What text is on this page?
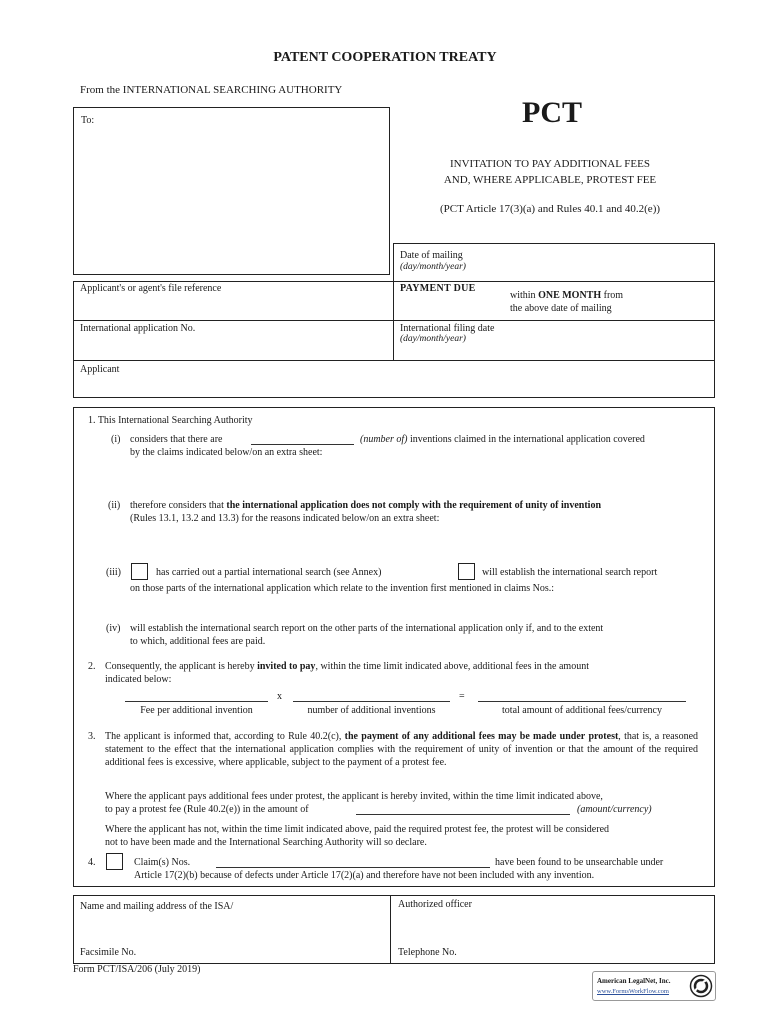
PATENT COOPERATION TREATY
From the INTERNATIONAL SEARCHING AUTHORITY
To:	PCT
INVITATION TO PAY ADDITIONAL FEES
AND, WHERE APPLICABLE, PROTEST FEE
(PCT Article 17(3)(a) and Rules 40.1 and 40.2(e))
Date of mailing
(day/month/year)
Applicant's or agent's file reference	PAYMENT DUE
within ONE MONTH from
the above date of mailing
International application No.	International filing date
(day/month/year)
Applicant
1. This International Searching Authority
(i) considers that there are	(number of) inventions claimed in the international application covered
by the claims indicated below/on an extra sheet:
(ii) therefore considers that the international application does not comply with the requirement of unity of invention
(Rules 13.1, 13.2 and 13.3) for the reasons indicated below/on an extra sheet:
(iii)	has carried out a partial international search (see Annex)	will establish the international search report
on those parts of the international application which relate to the invention first mentioned in claims Nos.:
(iv) will establish the international search report on the other parts of the international application only if, and to the extent
to which, additional fees are paid.
2. Consequently, the applicant is hereby invited to pay, within the time limit indicated above, additional fees in the amount
indicated below:
x	=
Fee per additional invention	number of additional inventions	total amount of additional fees/currency
3. The applicant is informed that, according to Rule 40.2(c), the payment of any additional fees may be made under protest, that is, a reasoned statement to the effect that the international application complies with the requirement of unity of invention or that the amount of the required additional fees is excessive, where applicable, subject to the payment of a protest fee.
Where the applicant pays additional fees under protest, the applicant is hereby invited, within the time limit indicated above,
to pay a protest fee (Rule 40.2(e)) in the amount of	(amount/currency)
Where the applicant has not, within the time limit indicated above, paid the required protest fee, the protest will be considered
not to have been made and the International Searching Authority will so declare.
4.	Claim(s) Nos.	have been found to be unsearchable under
Article 17(2)(b) because of defects under Article 17(2)(a) and therefore have not been included with any invention.
Name and mailing address of the ISA/	Authorized officer
Facsimile No.	Telephone No.
Form PCT/ISA/206 (July 2019)
American LegalNet, Inc.
www.FormsWorkFlow.com
